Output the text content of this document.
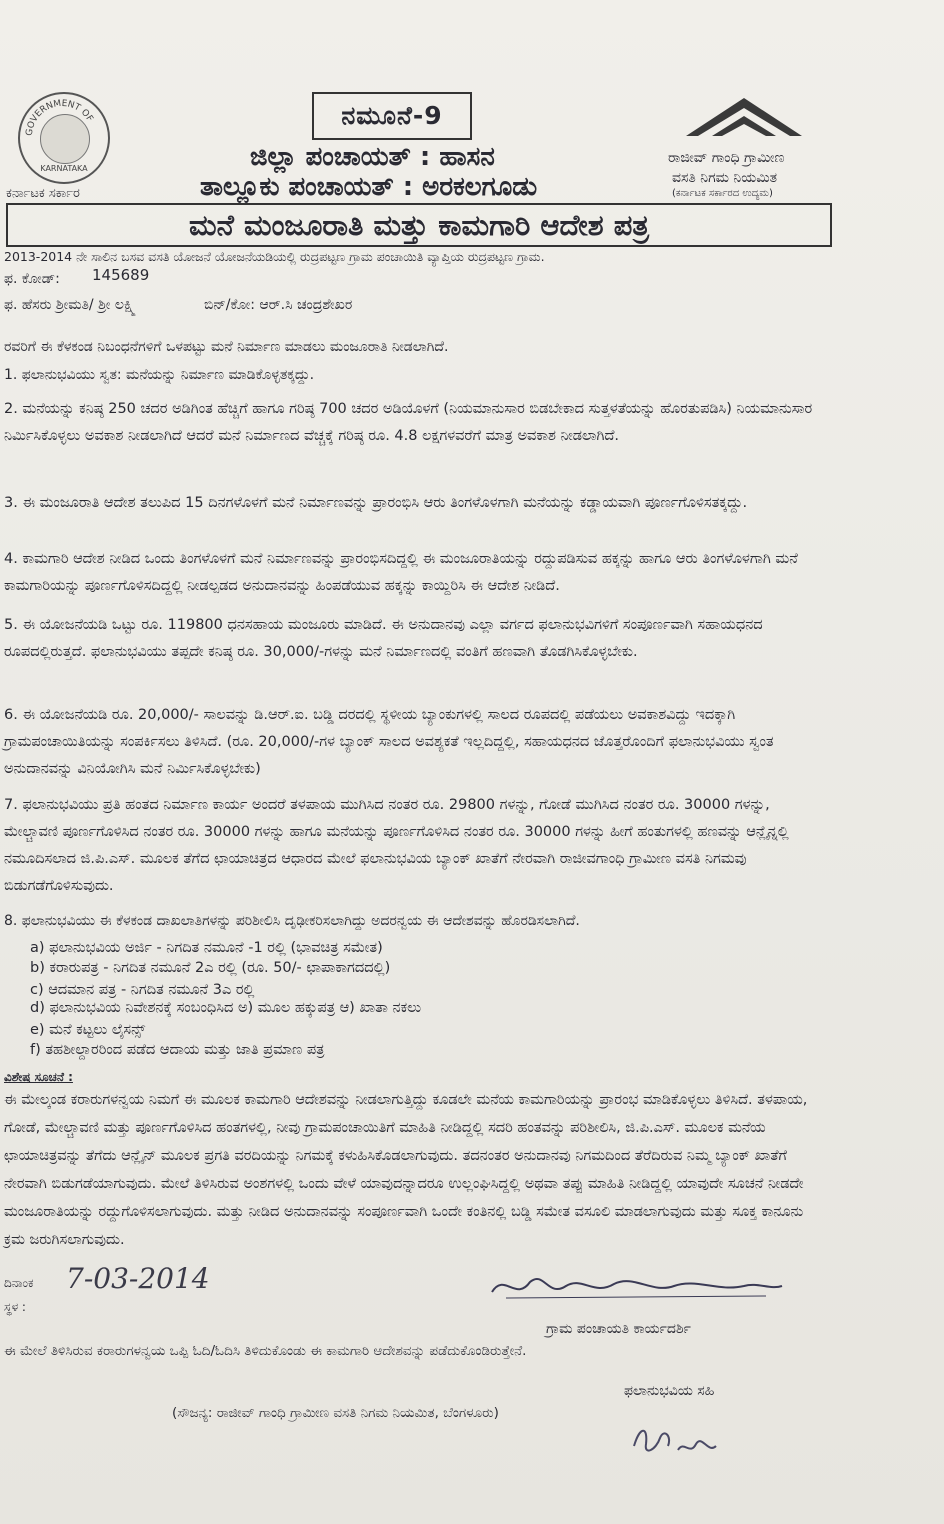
GOVERNMENT OF
KARNATAKA
ಕರ್ನಾಟಕ ಸರ್ಕಾರ
ನಮೂನೆ-9
ಜಿಲ್ಲಾ ಪಂಚಾಯತ್ : ಹಾಸನ
ತಾಲ್ಲೂಕು ಪಂಚಾಯತ್ : ಅರಕಲಗೂಡು
ರಾಜೀವ್ ಗಾಂಧಿ ಗ್ರಾಮೀಣ
ವಸತಿ ನಿಗಮ ನಿಯಮಿತ
(ಕರ್ನಾಟಕ ಸರ್ಕಾರದ ಉದ್ಯಮ)
ಮನೆ ಮಂಜೂರಾತಿ ಮತ್ತು ಕಾಮಗಾರಿ ಆದೇಶ ಪತ್ರ
2013-2014 ನೇ ಸಾಲಿನ ಬಸವ ವಸತಿ ಯೋಜನೆ ಯೋಜನೆಯಡಿಯಲ್ಲಿ ರುದ್ರಪಟ್ಟಣ ಗ್ರಾಮ ಪಂಚಾಯಿತಿ ವ್ಯಾಪ್ತಿಯ ರುದ್ರಪಟ್ಟಣ ಗ್ರಾಮ.
ಫ. ಕೋಡ್: 145689
ಫ. ಹೆಸರು ಶ್ರೀಮತಿ/ ಶ್ರೀ ಲಕ್ಷ್ಮಿ	ಬಿನ್/ಕೋ: ಆರ್.ಸಿ ಚಂದ್ರಶೇಖರ
ರವರಿಗೆ ಈ ಕೆಳಕಂಡ ನಿಬಂಧನೆಗಳಿಗೆ ಒಳಪಟ್ಟು ಮನೆ ನಿರ್ಮಾಣ ಮಾಡಲು ಮಂಜೂರಾತಿ ನೀಡಲಾಗಿದೆ.
1. ಫಲಾನುಭವಿಯು ಸ್ವತ: ಮನೆಯನ್ನು ನಿರ್ಮಾಣ ಮಾಡಿಕೊಳ್ಳತಕ್ಕದ್ದು.
2. ಮನೆಯನ್ನು ಕನಿಷ್ಠ 250 ಚದರ ಅಡಿಗಿಂತ ಹೆಚ್ಚಿಗೆ ಹಾಗೂ ಗರಿಷ್ಠ 700 ಚದರ ಅಡಿಯೊಳಗೆ (ನಿಯಮಾನುಸಾರ ಬಿಡಬೇಕಾದ ಸುತ್ತಳತೆಯನ್ನು ಹೊರತುಪಡಿಸಿ) ನಿಯಮಾನುಸಾರ ನಿರ್ಮಿಸಿಕೊಳ್ಳಲು ಅವಕಾಶ ನೀಡಲಾಗಿದೆ ಆದರೆ ಮನೆ ನಿರ್ಮಾಣದ ವೆಚ್ಚಕ್ಕೆ ಗರಿಷ್ಠ ರೂ. 4.8 ಲಕ್ಷಗಳವರೆಗೆ ಮಾತ್ರ ಅವಕಾಶ ನೀಡಲಾಗಿದೆ.
3. ಈ ಮಂಜೂರಾತಿ ಆದೇಶ ತಲುಪಿದ 15 ದಿನಗಳೊಳಗೆ ಮನೆ ನಿರ್ಮಾಣವನ್ನು ಪ್ರಾರಂಭಿಸಿ ಆರು ತಿಂಗಳೊಳಗಾಗಿ ಮನೆಯನ್ನು ಕಡ್ಡಾಯವಾಗಿ ಪೂರ್ಣಗೊಳಿಸತಕ್ಕದ್ದು.
4. ಕಾಮಗಾರಿ ಆದೇಶ ನೀಡಿದ ಒಂದು ತಿಂಗಳೊಳಗೆ ಮನೆ ನಿರ್ಮಾಣವನ್ನು ಪ್ರಾರಂಭಿಸದಿದ್ದಲ್ಲಿ ಈ ಮಂಜೂರಾತಿಯನ್ನು ರದ್ದುಪಡಿಸುವ ಹಕ್ಕನ್ನು ಹಾಗೂ ಆರು ತಿಂಗಳೊಳಗಾಗಿ ಮನೆ ಕಾಮಗಾರಿಯನ್ನು ಪೂರ್ಣಗೊಳಿಸದಿದ್ದಲ್ಲಿ ನೀಡಲ್ಪಡದ ಅನುದಾನವನ್ನು ಹಿಂಪಡೆಯುವ ಹಕ್ಕನ್ನು ಕಾಯ್ದಿರಿಸಿ ಈ ಆದೇಶ ನೀಡಿದೆ.
5. ಈ ಯೋಜನೆಯಡಿ ಒಟ್ಟು ರೂ. 119800 ಧನಸಹಾಯ ಮಂಜೂರು ಮಾಡಿದೆ. ಈ ಅನುದಾನವು ಎಲ್ಲಾ ವರ್ಗದ ಫಲಾನುಭವಿಗಳಿಗೆ ಸಂಪೂರ್ಣವಾಗಿ ಸಹಾಯಧನದ ರೂಪದಲ್ಲಿರುತ್ತದೆ. ಫಲಾನುಭವಿಯು ತಪ್ಪದೇ ಕನಿಷ್ಠ ರೂ. 30,000/-ಗಳನ್ನು ಮನೆ ನಿರ್ಮಾಣದಲ್ಲಿ ವಂತಿಗೆ ಹಣವಾಗಿ ತೊಡಗಿಸಿಕೊಳ್ಳಬೇಕು.
6. ಈ ಯೋಜನೆಯಡಿ ರೂ. 20,000/- ಸಾಲವನ್ನು ಡಿ.ಆರ್.ಐ. ಬಡ್ಡಿ ದರದಲ್ಲಿ ಸ್ಥಳೀಯ ಬ್ಯಾಂಕುಗಳಲ್ಲಿ ಸಾಲದ ರೂಪದಲ್ಲಿ ಪಡೆಯಲು ಅವಕಾಶವಿದ್ದು ಇದಕ್ಕಾಗಿ ಗ್ರಾಮಪಂಚಾಯಿತಿಯನ್ನು ಸಂಪರ್ಕಿಸಲು ತಿಳಿಸಿದೆ. (ರೂ. 20,000/-ಗಳ ಬ್ಯಾಂಕ್ ಸಾಲದ ಅವಶ್ಯಕತೆ ಇಲ್ಲದಿದ್ದಲ್ಲಿ, ಸಹಾಯಧನದ ಜೊತ್ತರೊಂದಿಗೆ ಫಲಾನುಭವಿಯು ಸ್ವಂತ ಅನುದಾನವನ್ನು ವಿನಿಯೋಗಿಸಿ ಮನೆ ನಿರ್ಮಿಸಿಕೊಳ್ಳಬೇಕು)
7. ಫಲಾನುಭವಿಯು ಪ್ರತಿ ಹಂತದ ನಿರ್ಮಾಣ ಕಾರ್ಯ ಅಂದರೆ ತಳಪಾಯ ಮುಗಿಸಿದ ನಂತರ ರೂ. 29800 ಗಳನ್ನು, ಗೋಡೆ ಮುಗಿಸಿದ ನಂತರ ರೂ. 30000 ಗಳನ್ನು, ಮೇಲ್ಚಾವಣಿ ಪೂರ್ಣಗೊಳಿಸಿದ ನಂತರ ರೂ. 30000 ಗಳನ್ನು ಹಾಗೂ ಮನೆಯನ್ನು ಪೂರ್ಣಗೊಳಿಸಿದ ನಂತರ ರೂ. 30000 ಗಳನ್ನು ಹೀಗೆ ಹಂತುಗಳಲ್ಲಿ ಹಣವನ್ನು ಆನ್ಲೈನ್ನಲ್ಲಿ ನಮೂದಿಸಲಾದ ಜಿ.ಪಿ.ಎಸ್. ಮೂಲಕ ತೆಗೆದ ಛಾಯಾಚಿತ್ರದ ಆಧಾರದ ಮೇಲೆ ಫಲಾನುಭವಿಯ ಬ್ಯಾಂಕ್ ಖಾತೆಗೆ ನೇರವಾಗಿ ರಾಜೀವಗಾಂಧಿ ಗ್ರಾಮೀಣ ವಸತಿ ನಿಗಮವು ಬಿಡುಗಡೆಗೊಳಿಸುವುದು.
8. ಫಲಾನುಭವಿಯು ಈ ಕೆಳಕಂಡ ದಾಖಲಾತಿಗಳನ್ನು ಪರಿಶೀಲಿಸಿ ದೃಢೀಕರಿಸಲಾಗಿದ್ದು ಅದರನ್ವಯ ಈ ಆದೇಶವನ್ನು ಹೊರಡಿಸಲಾಗಿದೆ.
a) ಫಲಾನುಭವಿಯ ಅರ್ಜಿ - ನಿಗದಿತ ನಮೂನೆ -1 ರಲ್ಲಿ (ಭಾವಚಿತ್ರ ಸಮೇತ)
b) ಕರಾರುಪತ್ರ - ನಿಗದಿತ ನಮೂನೆ 2ಎ ರಲ್ಲಿ (ರೂ. 50/- ಛಾಪಾಕಾಗದದಲ್ಲಿ)
c) ಆದಮಾನ ಪತ್ರ - ನಿಗದಿತ ನಮೂನೆ 3ಎ ರಲ್ಲಿ
d) ಫಲಾನುಭವಿಯ ನಿವೇಶನಕ್ಕೆ ಸಂಬಂಧಿಸಿದ ಅ) ಮೂಲ ಹಕ್ಕುಪತ್ರ ಆ) ಖಾತಾ ನಕಲು
e) ಮನೆ ಕಟ್ಟಲು ಲೈಸನ್ಸ್
f) ತಹಶೀಲ್ದಾರರಿಂದ ಪಡೆದ ಆದಾಯ ಮತ್ತು ಜಾತಿ ಪ್ರಮಾಣ ಪತ್ರ
ವಿಶೇಷ ಸೂಚನೆ :
ಈ ಮೇಲ್ಕಂಡ ಕರಾರುಗಳನ್ವಯ ನಿಮಗೆ ಈ ಮೂಲಕ ಕಾಮಗಾರಿ ಆದೇಶವನ್ನು ನೀಡಲಾಗುತ್ತಿದ್ದು ಕೂಡಲೇ ಮನೆಯ ಕಾಮಗಾರಿಯನ್ನು ಪ್ರಾರಂಭ ಮಾಡಿಕೊಳ್ಳಲು ತಿಳಿಸಿದೆ. ತಳಪಾಯ, ಗೋಡೆ, ಮೇಲ್ಚಾವಣಿ ಮತ್ತು ಪೂರ್ಣಗೊಳಿಸಿದ ಹಂತಗಳಲ್ಲಿ, ನೀವು ಗ್ರಾಮಪಂಚಾಯಿತಿಗೆ ಮಾಹಿತಿ ನೀಡಿದ್ದಲ್ಲಿ ಸದರಿ ಹಂತವನ್ನು ಪರಿಶೀಲಿಸಿ, ಜಿ.ಪಿ.ಎಸ್. ಮೂಲಕ ಮನೆಯ ಛಾಯಾಚಿತ್ರವನ್ನು ತೆಗೆದು ಆನ್ಲೈನ್ ಮೂಲಕ ಪ್ರಗತಿ ವರದಿಯನ್ನು ನಿಗಮಕ್ಕೆ ಕಳುಹಿಸಿಕೊಡಲಾಗುವುದು. ತದನಂತರ ಅನುದಾನವು ನಿಗಮದಿಂದ ತೆರೆದಿರುವ ನಿಮ್ಮ ಬ್ಯಾಂಕ್ ಖಾತೆಗೆ ನೇರವಾಗಿ ಬಿಡುಗಡೆಯಾಗುವುದು. ಮೇಲೆ ತಿಳಿಸಿರುವ ಅಂಶಗಳಲ್ಲಿ ಒಂದು ವೇಳೆ ಯಾವುದನ್ನಾದರೂ ಉಲ್ಲಂಘಿಸಿದ್ದಲ್ಲಿ ಅಥವಾ ತಪ್ಪು ಮಾಹಿತಿ ನೀಡಿದ್ದಲ್ಲಿ ಯಾವುದೇ ಸೂಚನೆ ನೀಡದೇ ಮಂಜೂರಾತಿಯನ್ನು ರದ್ದುಗೊಳಿಸಲಾಗುವುದು. ಮತ್ತು ನೀಡಿದ ಅನುದಾನವನ್ನು ಸಂಪೂರ್ಣವಾಗಿ ಒಂದೇ ಕಂತಿನಲ್ಲಿ ಬಡ್ಡಿ ಸಮೇತ ವಸೂಲಿ ಮಾಡಲಾಗುವುದು ಮತ್ತು ಸೂಕ್ತ ಕಾನೂನು ಕ್ರಮ ಜರುಗಿಸಲಾಗುವುದು.
ದಿನಾಂಕ 7-03-2014
ಸ್ಥಳ :
ಗ್ರಾಮ ಪಂಚಾಯತಿ ಕಾರ್ಯದರ್ಶಿ
ಈ ಮೇಲೆ ತಿಳಿಸಿರುವ ಕರಾರುಗಳನ್ವಯ ಒಪ್ಪಿ ಓದಿ/ಓದಿಸಿ ತಿಳಿದುಕೊಂಡು ಈ ಕಾಮಗಾರಿ ಆದೇಶವನ್ನು ಪಡೆದುಕೊಂಡಿರುತ್ತೇನೆ.
ಫಲಾನುಭವಿಯ ಸಹಿ
(ಸೌಜನ್ಯ: ರಾಜೀವ್ ಗಾಂಧಿ ಗ್ರಾಮೀಣ ವಸತಿ ನಿಗಮ ನಿಯಮಿತ, ಬೆಂಗಳೂರು)
